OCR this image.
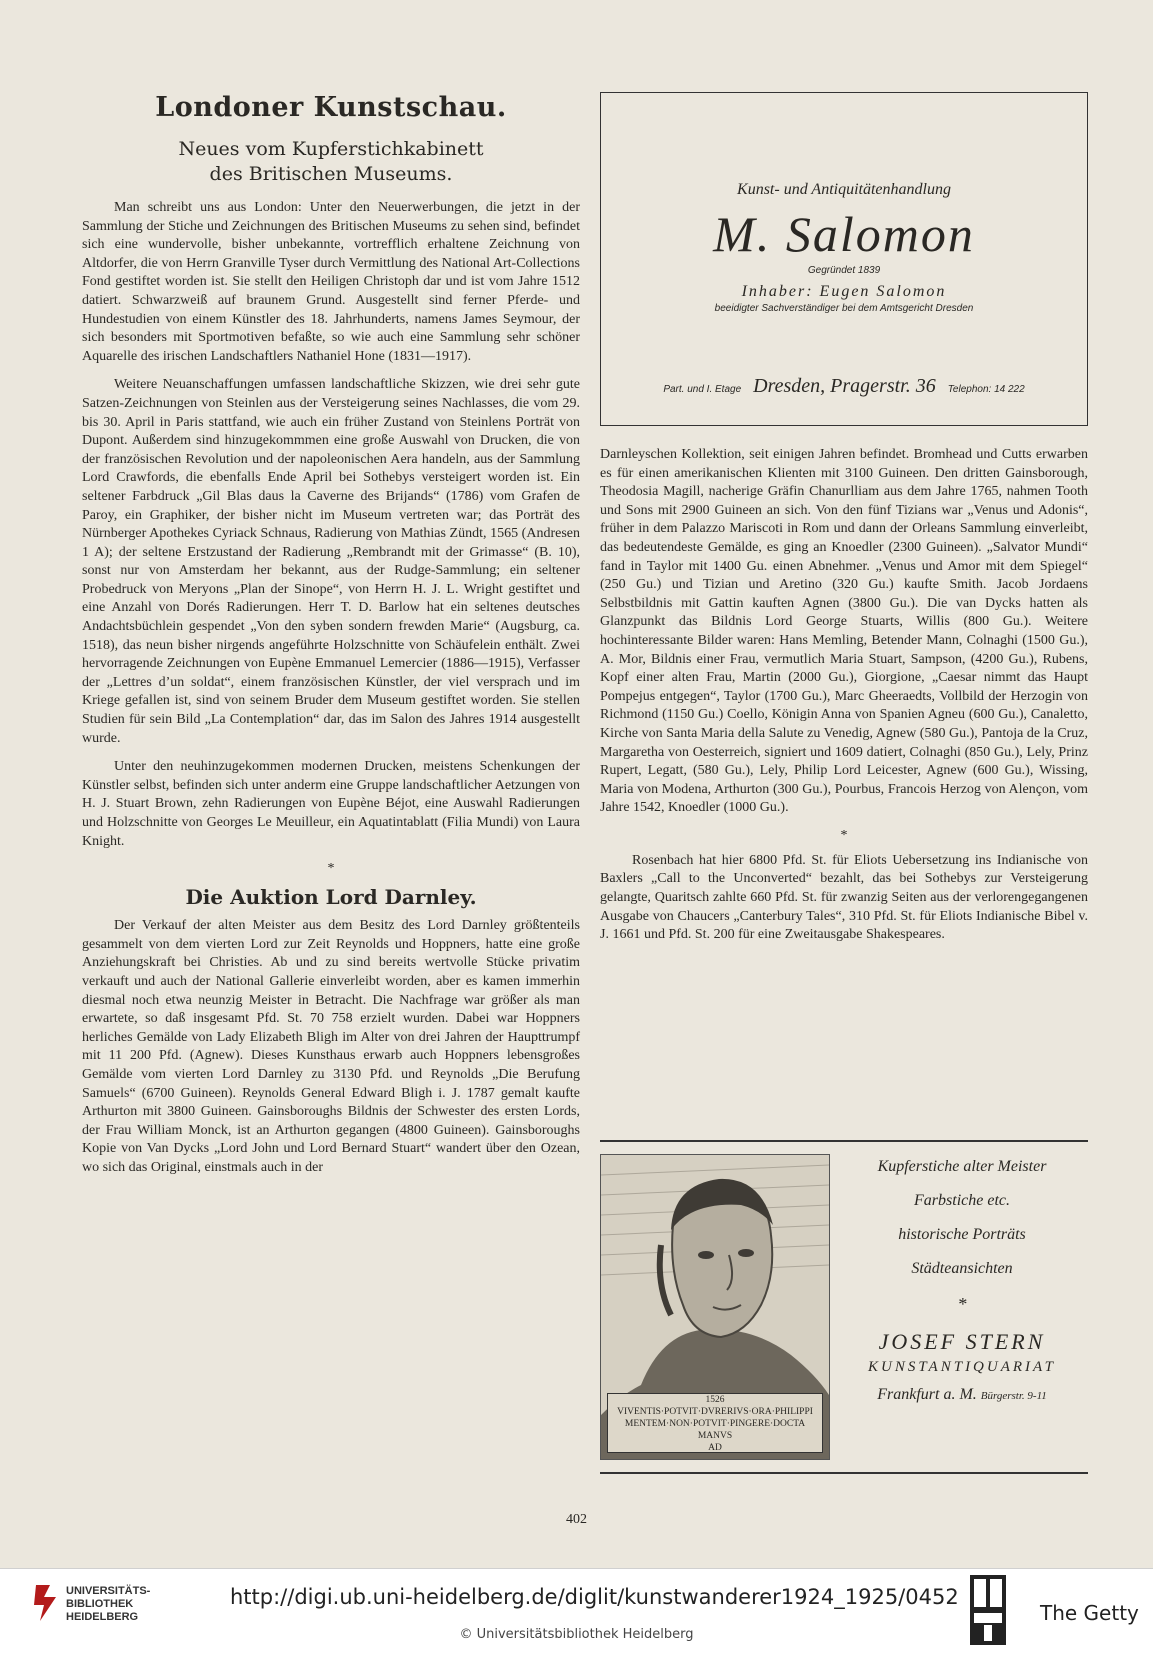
Londoner Kunstschau.
Neues vom Kupferstichkabinett
des Britischen Museums.

Man schreibt uns aus London: Unter den Neuerwerbungen, die jetzt in der Sammlung der Stiche und Zeichnungen des Britischen Museums zu sehen sind, befindet sich eine wundervolle, bisher unbekannte, vortrefflich erhaltene Zeichnung von Altdorfer, die von Herrn Granville Tyser durch Vermittlung des National Art-Collections Fond gestiftet worden ist. Sie stellt den Heiligen Christoph dar und ist vom Jahre 1512 datiert. Schwarzweiß auf braunem Grund. Ausgestellt sind ferner Pferde- und Hundestudien von einem Künstler des 18. Jahrhunderts, namens James Seymour, der sich besonders mit Sportmotiven befaßte, so wie auch eine Sammlung sehr schöner Aquarelle des irischen Landschaftlers Nathaniel Hone (1831—1917).

Weitere Neuanschaffungen umfassen landschaftliche Skizzen, wie drei sehr gute Satzen-Zeichnungen von Steinlen aus der Versteigerung seines Nachlasses, die vom 29. bis 30. April in Paris stattfand, wie auch ein früher Zustand von Steinlens Porträt von Dupont. Außerdem sind hinzugekommmen eine große Auswahl von Drucken, die von der französischen Revolution und der napoleonischen Aera handeln, aus der Sammlung Lord Crawfords, die ebenfalls Ende April bei Sothebys versteigert worden ist. Ein seltener Farbdruck „Gil Blas daus la Caverne des Brijands“ (1786) vom Grafen de Paroy, ein Graphiker, der bisher nicht im Museum vertreten war; das Porträt des Nürnberger Apothekes Cyriack Schnaus, Radierung von Mathias Zündt, 1565 (Andresen 1 A); der seltene Erstzustand der Radierung „Rembrandt mit der Grimasse“ (B. 10), sonst nur von Amsterdam her bekannt, aus der Rudge-Sammlung; ein seltener Probedruck von Meryons „Plan der Sinope“, von Herrn H. J. L. Wright gestiftet und eine Anzahl von Dorés Radierungen. Herr T. D. Barlow hat ein seltenes deutsches Andachtsbüchlein gespendet „Von den syben sondern frewden Marie“ (Augsburg, ca. 1518), das neun bisher nirgends angeführte Holzschnitte von Schäufelein enthält. Zwei hervorragende Zeichnungen von Eupène Emmanuel Lemercier (1886—1915), Verfasser der „Lettres d’un soldat“, einem französischen Künstler, der viel versprach und im Kriege gefallen ist, sind von seinem Bruder dem Museum gestiftet worden. Sie stellen Studien für sein Bild „La Contemplation“ dar, das im Salon des Jahres 1914 ausgestellt wurde.

Unter den neuhinzugekommen modernen Drucken, meistens Schenkungen der Künstler selbst, befinden sich unter anderm eine Gruppe landschaftlicher Aetzungen von H. J. Stuart Brown, zehn Radierungen von Eupène Béjot, eine Auswahl Radierungen und Holzschnitte von Georges Le Meuilleur, ein Aquatintablatt (Filia Mundi) von Laura Knight.

*
Die Auktion Lord Darnley.

Der Verkauf der alten Meister aus dem Besitz des Lord Darnley größtenteils gesammelt von dem vierten Lord zur Zeit Reynolds und Hoppners, hatte eine große Anziehungskraft bei Christies. Ab und zu sind bereits wertvolle Stücke privatim verkauft und auch der National Gallerie einverleibt worden, aber es kamen immerhin diesmal noch etwa neunzig Meister in Betracht. Die Nachfrage war größer als man erwartete, so daß insgesamt Pfd. St. 70 758 erzielt wurden. Dabei war Hoppners herliches Gemälde von Lady Elizabeth Bligh im Alter von drei Jahren der Haupttrumpf mit 11 200 Pfd. (Agnew). Dieses Kunsthaus erwarb auch Hoppners lebensgroßes Gemälde vom vierten Lord Darnley zu 3130 Pfd. und Reynolds „Die Berufung Samuels“ (6700 Guineen). Reynolds General Edward Bligh i. J. 1787 gemalt kaufte Arthurton mit 3800 Guineen. Gainsboroughs Bildnis der Schwester des ersten Lords, der Frau William Monck, ist an Arthurton gegangen (4800 Guineen). Gainsboroughs Kopie von Van Dycks „Lord John und Lord Bernard Stuart“ wandert über den Ozean, wo sich das Original, einstmals auch in der

Kunst- und Antiquitätenhandlung
M. Salomon
Gegründet 1839
Inhaber: Eugen Salomon
beeidigter Sachverständiger bei dem Amtsgericht Dresden
Part. und I. Etage Dresden, Pragerstr. 36 Telephon: 14 222

Darnleyschen Kollektion, seit einigen Jahren befindet. Bromhead und Cutts erwarben es für einen amerikanischen Klienten mit 3100 Guineen. Den dritten Gainsborough, Theodosia Magill, nacherige Gräfin Chanurlliam aus dem Jahre 1765, nahmen Tooth und Sons mit 2900 Guineen an sich. Von den fünf Tizians war „Venus und Adonis“, früher in dem Palazzo Mariscoti in Rom und dann der Orleans Sammlung einverleibt, das bedeutendeste Gemälde, es ging an Knoedler (2300 Guineen). „Salvator Mundi“ fand in Taylor mit 1400 Gu. einen Abnehmer. „Venus und Amor mit dem Spiegel“ (250 Gu.) und Tizian und Aretino (320 Gu.) kaufte Smith. Jacob Jordaens Selbstbildnis mit Gattin kauften Agnen (3800 Gu.). Die van Dycks hatten als Glanzpunkt das Bildnis Lord George Stuarts, Willis (800 Gu.). Weitere hochinteressante Bilder waren: Hans Memling, Betender Mann, Colnaghi (1500 Gu.), A. Mor, Bildnis einer Frau, vermutlich Maria Stuart, Sampson, (4200 Gu.), Rubens, Kopf einer alten Frau, Martin (2000 Gu.), Giorgione, „Caesar nimmt das Haupt Pompejus entgegen“, Taylor (1700 Gu.), Marc Gheeraedts, Vollbild der Herzogin von Richmond (1150 Gu.) Coello, Königin Anna von Spanien Agneu (600 Gu.), Canaletto, Kirche von Santa Maria della Salute zu Venedig, Agnew (580 Gu.), Pantoja de la Cruz, Margaretha von Oesterreich, signiert und 1609 datiert, Colnaghi (850 Gu.), Lely, Prinz Rupert, Legatt, (580 Gu.), Lely, Philip Lord Leicester, Agnew (600 Gu.), Wissing, Maria von Modena, Arthurton (300 Gu.), Pourbus, Francois Herzog von Alençon, vom Jahre 1542, Knoedler (1000 Gu.).

*

Rosenbach hat hier 6800 Pfd. St. für Eliots Uebersetzung ins Indianische von Baxlers „Call to the Unconverted“ bezahlt, das bei Sothebys zur Versteigerung gelangte, Quaritsch zahlte 660 Pfd. St. für zwanzig Seiten aus der verlorengegangenen Ausgabe von Chaucers „Canterbury Tales“, 310 Pfd. St. für Eliots Indianische Bibel v. J. 1661 und Pfd. St. 200 für eine Zweitausgabe Shakespeares.

1526
VIVENTIS·POTVIT·DVRERIVS·ORA·PHILIPPI
MENTEM·NON·POTVIT·PINGERE·DOCTA
MANVS
AD
Kupferstiche alter Meister
Farbstiche etc.
historische Porträts
Städteansichten
*
JOSEF STERN
KUNSTANTIQUARIAT
Frankfurt a. M. Bürgerstr. 9-11
402
UNIVERSITÄTS-
BIBLIOTHEK
HEIDELBERG
http://digi.ub.uni-heidelberg.de/diglit/kunstwanderer1924_1925/0452
© Universitätsbibliothek Heidelberg
The Getty
